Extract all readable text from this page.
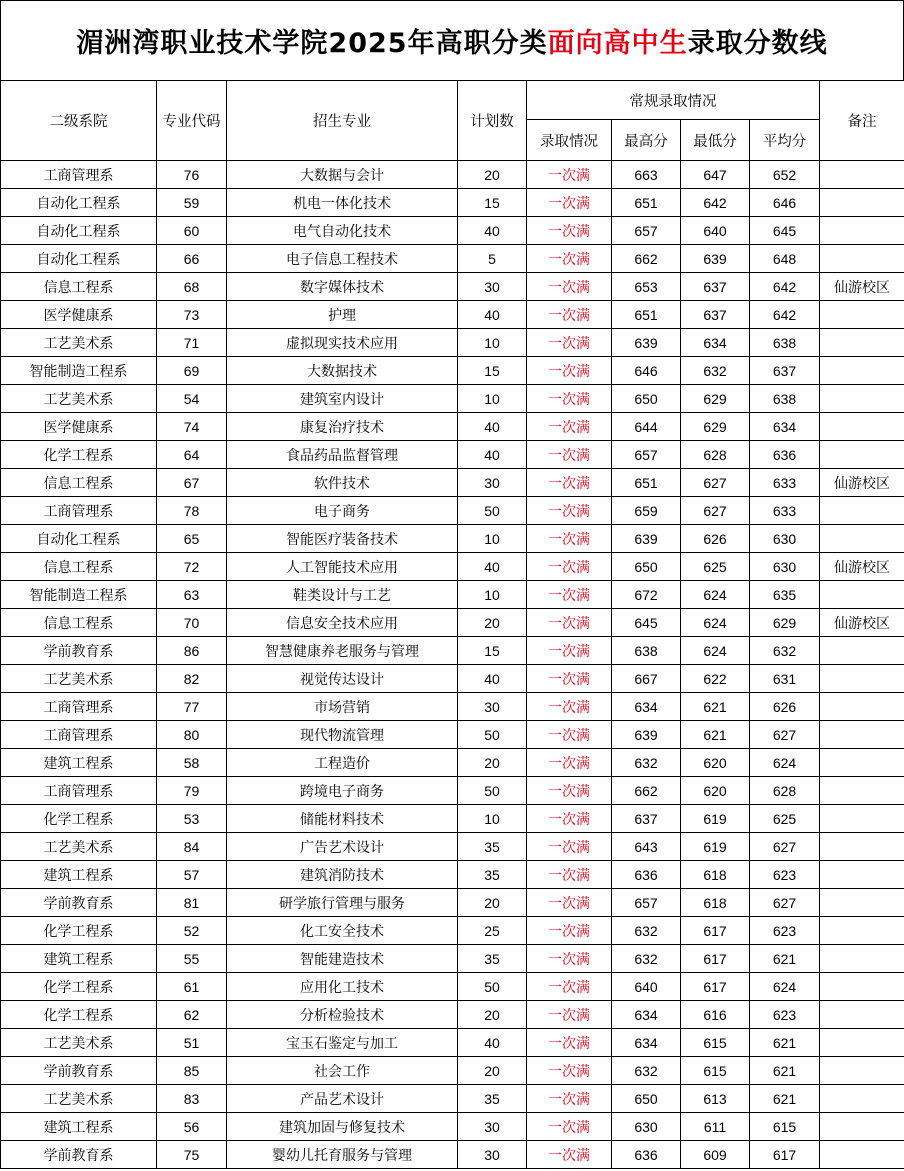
湄洲湾职业技术学院2025年高职分类 面向高中生 录取分数线
二级系院	专业代码	招生专业	计划数	常规录取情况				备注
				录取情况	最高分	最低分	平均分	
工商管理系	76	大数据与会计	20	一次满	663	647	652	
自动化工程系	59	机电一体化技术	15	一次满	651	642	646	
自动化工程系	60	电气自动化技术	40	一次满	657	640	645	
自动化工程系	66	电子信息工程技术	5	一次满	662	639	648	
信息工程系	68	数字媒体技术	30	一次满	653	637	642	仙游校区
医学健康系	73	护理	40	一次满	651	637	642	
工艺美术系	71	虚拟现实技术应用	10	一次满	639	634	638	
智能制造工程系	69	大数据技术	15	一次满	646	632	637	
工艺美术系	54	建筑室内设计	10	一次满	650	629	638	
医学健康系	74	康复治疗技术	40	一次满	644	629	634	
化学工程系	64	食品药品监督管理	40	一次满	657	628	636	
信息工程系	67	软件技术	30	一次满	651	627	633	仙游校区
工商管理系	78	电子商务	50	一次满	659	627	633	
自动化工程系	65	智能医疗装备技术	10	一次满	639	626	630	
信息工程系	72	人工智能技术应用	40	一次满	650	625	630	仙游校区
智能制造工程系	63	鞋类设计与工艺	10	一次满	672	624	635	
信息工程系	70	信息安全技术应用	20	一次满	645	624	629	仙游校区
学前教育系	86	智慧健康养老服务与管理	15	一次满	638	624	632	
工艺美术系	82	视觉传达设计	40	一次满	667	622	631	
工商管理系	77	市场营销	30	一次满	634	621	626	
工商管理系	80	现代物流管理	50	一次满	639	621	627	
建筑工程系	58	工程造价	20	一次满	632	620	624	
工商管理系	79	跨境电子商务	50	一次满	662	620	628	
化学工程系	53	储能材料技术	10	一次满	637	619	625	
工艺美术系	84	广告艺术设计	35	一次满	643	619	627	
建筑工程系	57	建筑消防技术	35	一次满	636	618	623	
学前教育系	81	研学旅行管理与服务	20	一次满	657	618	627	
化学工程系	52	化工安全技术	25	一次满	632	617	623	
建筑工程系	55	智能建造技术	35	一次满	632	617	621	
化学工程系	61	应用化工技术	50	一次满	640	617	624	
化学工程系	62	分析检验技术	20	一次满	634	616	623	
工艺美术系	51	宝玉石鉴定与加工	40	一次满	634	615	621	
学前教育系	85	社会工作	20	一次满	632	615	621	
工艺美术系	83	产品艺术设计	35	一次满	650	613	621	
建筑工程系	56	建筑加固与修复技术	30	一次满	630	611	615	
学前教育系	75	婴幼儿托育服务与管理	30	一次满	636	609	617	
